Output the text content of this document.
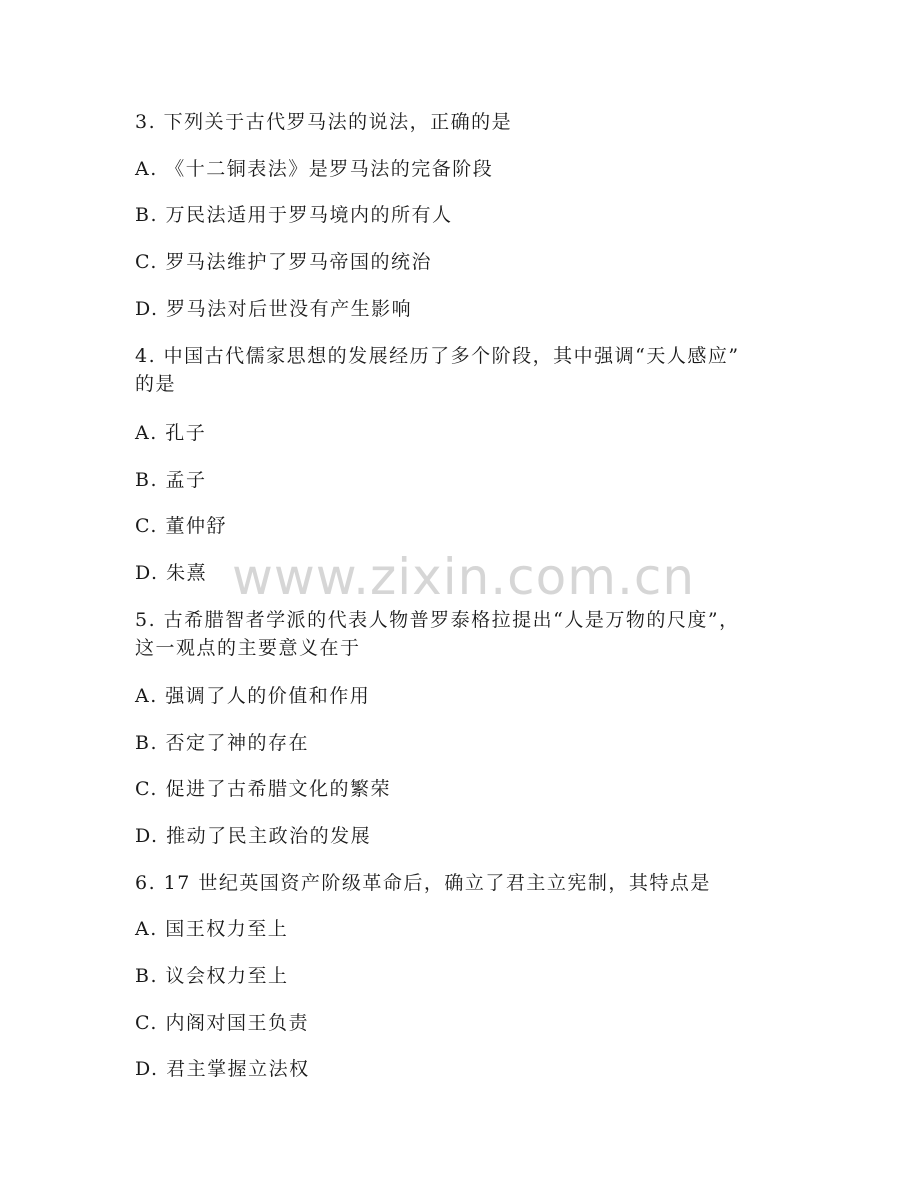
3. 下列关于古代罗马法的说法，正确的是
A. 《十二铜表法》是罗马法的完备阶段
B. 万民法适用于罗马境内的所有人
C. 罗马法维护了罗马帝国的统治
D. 罗马法对后世没有产生影响
4. 中国古代儒家思想的发展经历了多个阶段，其中强调“天人感应”
的是
A. 孔子
B. 孟子
C. 董仲舒
D. 朱熹
5. 古希腊智者学派的代表人物普罗泰格拉提出“人是万物的尺度”，
这一观点的主要意义在于
A. 强调了人的价值和作用
B. 否定了神的存在
C. 促进了古希腊文化的繁荣
D. 推动了民主政治的发展
6. 17 世纪英国资产阶级革命后，确立了君主立宪制，其特点是
A. 国王权力至上
B. 议会权力至上
C. 内阁对国王负责
D. 君主掌握立法权
www.zixin.com.cn
